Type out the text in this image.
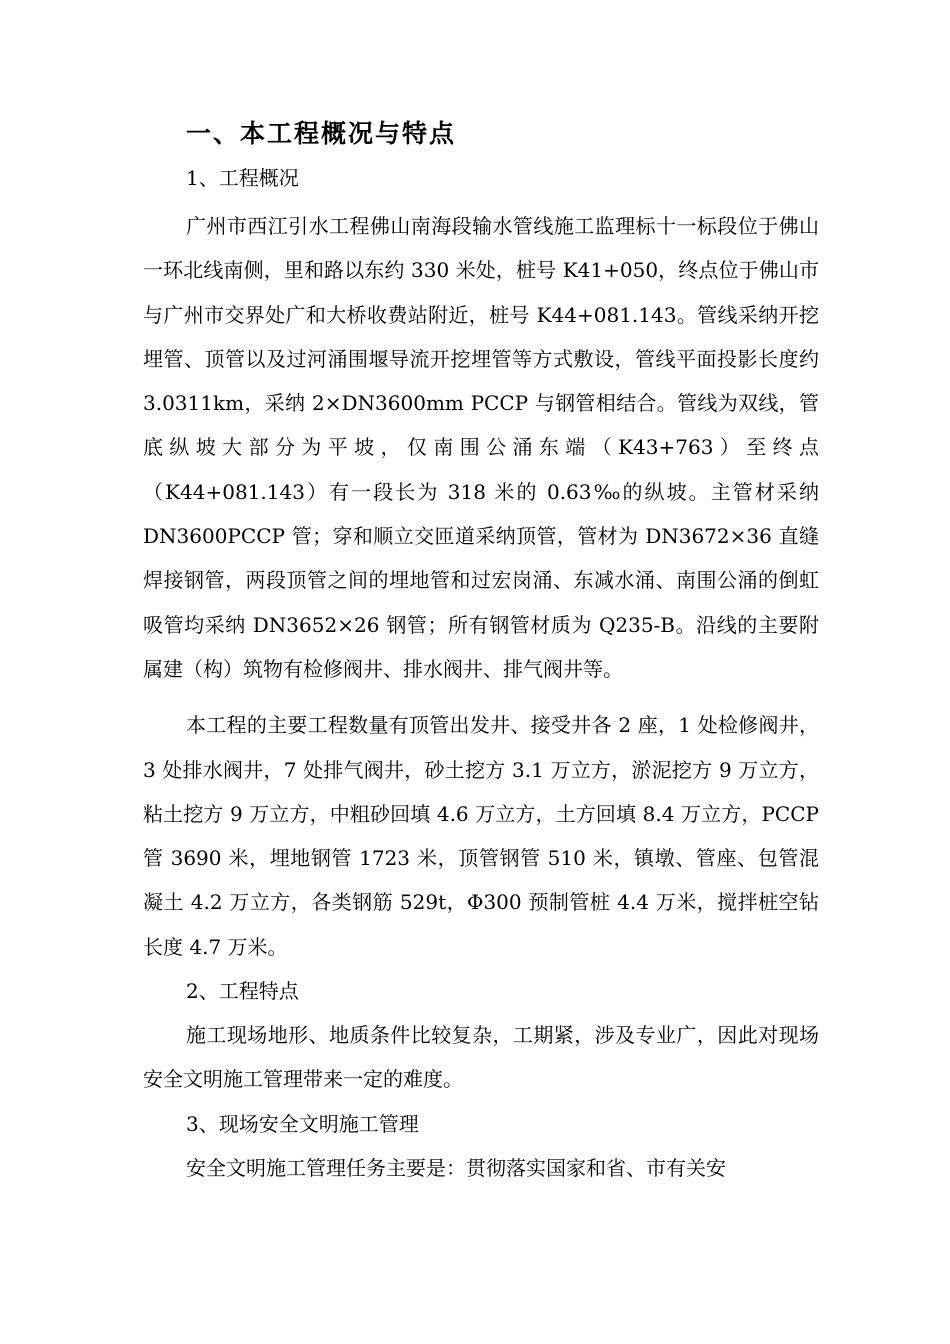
一、本工程概况与特点
1、工程概况

广州市西江引水工程佛山南海段输水管线施工监理标十一标段位于佛山一环北线南侧，里和路以东约 330 米处，桩号 K41+050，终点位于佛山市与广州市交界处广和大桥收费站附近，桩号 K44+081.143。管线采纳开挖埋管、顶管以及过河涌围堰导流开挖埋管等方式敷设，管线平面投影长度约 3.0311km，采纳 2×DN3600mm PCCP 与钢管相结合。管线为双线，管底纵坡大部分为平坡，仅南围公涌东端（K43+763）至终点（K44+081.143）有一段长为 318 米的 0.63‰的纵坡。主管材采纳 DN3600PCCP 管；穿和顺立交匝道采纳顶管，管材为 DN3672×36 直缝焊接钢管，两段顶管之间的埋地管和过宏岗涌、东减水涌、南围公涌的倒虹吸管均采纳 DN3652×26 钢管；所有钢管材质为 Q235-B。沿线的主要附属建（构）筑物有检修阀井、排水阀井、排气阀井等。

本工程的主要工程数量有顶管出发井、接受井各 2 座，1 处检修阀井，3 处排水阀井，7 处排气阀井，砂土挖方 3.1 万立方，淤泥挖方 9 万立方，粘土挖方 9 万立方，中粗砂回填 4.6 万立方，土方回填 8.4 万立方，PCCP 管 3690 米，埋地钢管 1723 米，顶管钢管 510 米，镇墩、管座、包管混凝土 4.2 万立方，各类钢筋 529t，Φ300 预制管桩 4.4 万米，搅拌桩空钻长度 4.7 万米。

2、工程特点

施工现场地形、地质条件比较复杂，工期紧，涉及专业广，因此对现场安全文明施工管理带来一定的难度。

3、现场安全文明施工管理

安全文明施工管理任务主要是：贯彻落实国家和省、市有关安
